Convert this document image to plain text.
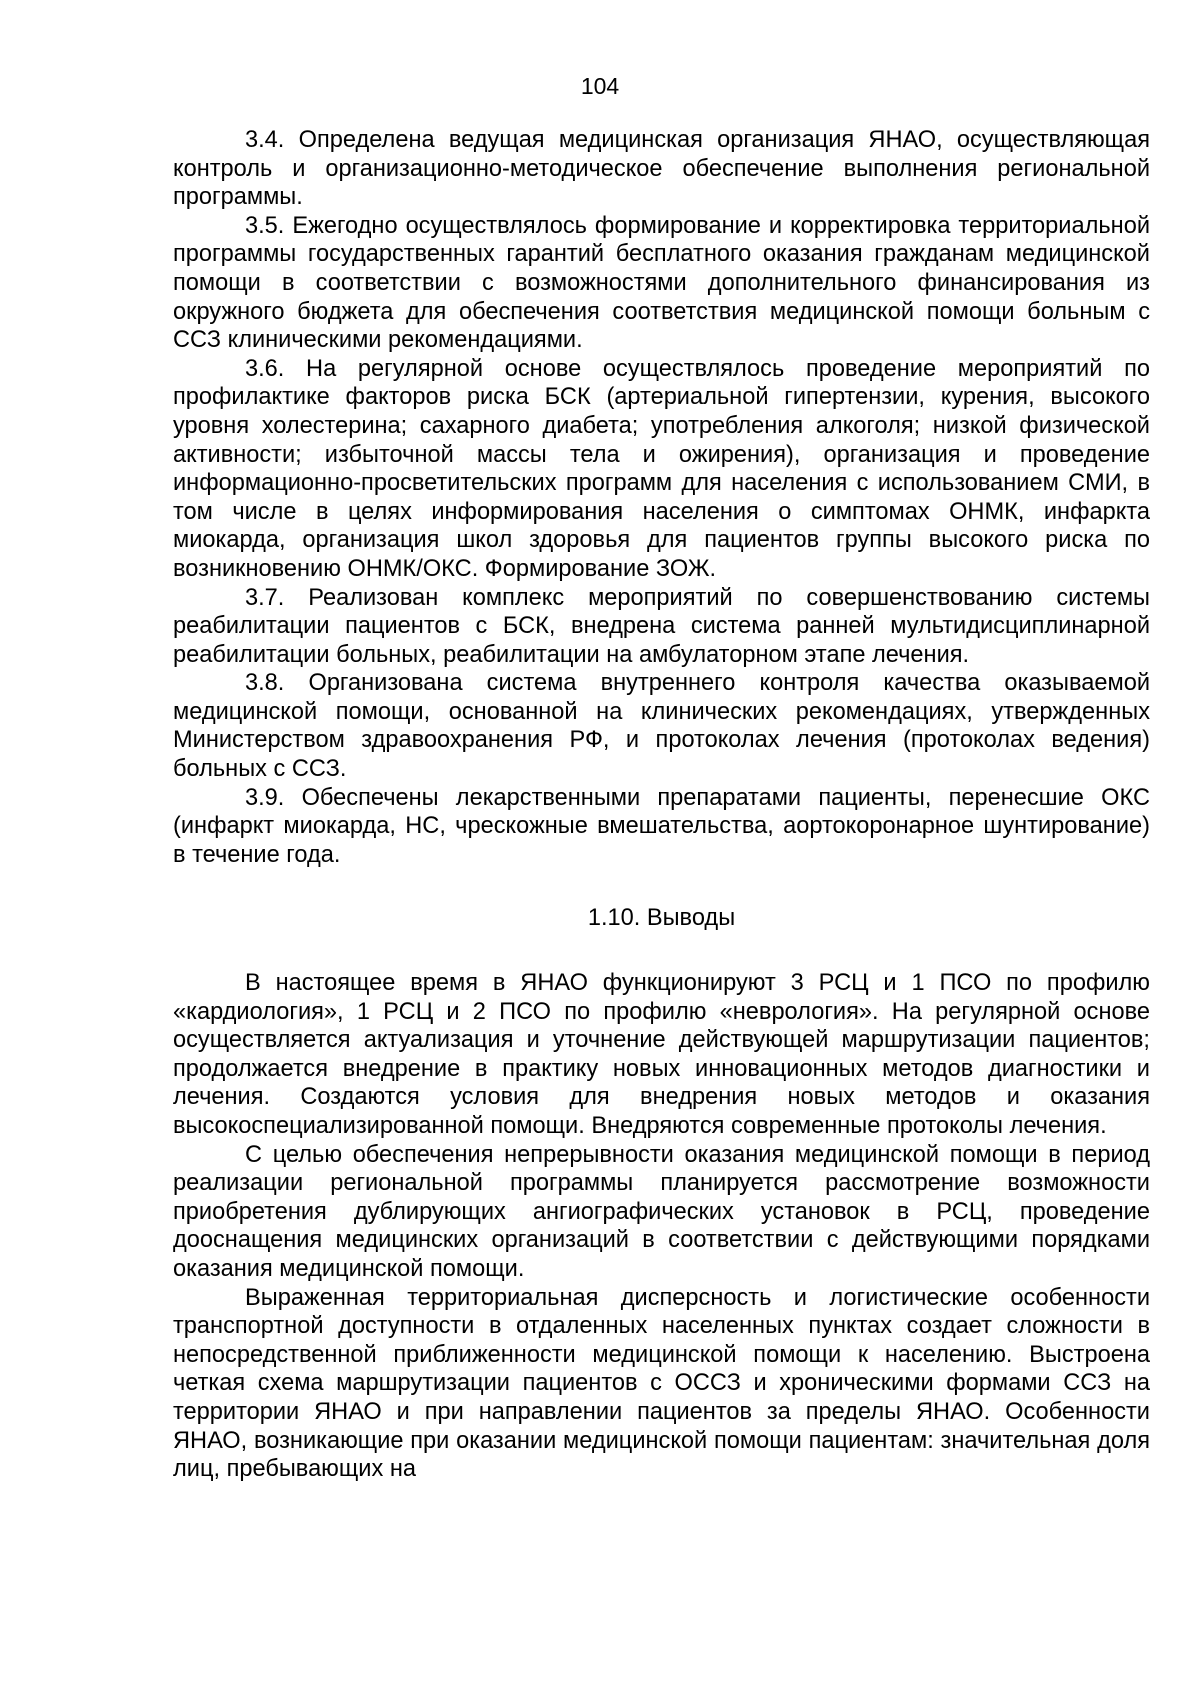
104

3.4. Определена ведущая медицинская организация ЯНАО, осуществляющая контроль и организационно-методическое обеспечение выполнения региональной программы.

3.5. Ежегодно осуществлялось формирование и корректировка территориальной программы государственных гарантий бесплатного оказания гражданам медицинской помощи в соответствии с возможностями дополнительного финансирования из окружного бюджета для обеспечения соответствия медицинской помощи больным с ССЗ клиническими рекомендациями.

3.6. На регулярной основе осуществлялось проведение мероприятий по профилактике факторов риска БСК (артериальной гипертензии, курения, высокого уровня холестерина; сахарного диабета; употребления алкоголя; низкой физической активности; избыточной массы тела и ожирения), организация и проведение информационно-просветительских программ для населения с использованием СМИ, в том числе в целях информирования населения о симптомах ОНМК, инфаркта миокарда, организация школ здоровья для пациентов группы высокого риска по возникновению ОНМК/ОКС. Формирование ЗОЖ.

3.7. Реализован комплекс мероприятий по совершенствованию системы реабилитации пациентов с БСК, внедрена система ранней мультидисциплинарной реабилитации больных, реабилитации на амбулаторном этапе лечения.

3.8. Организована система внутреннего контроля качества оказываемой медицинской помощи, основанной на клинических рекомендациях, утвержденных Министерством здравоохранения РФ, и протоколах лечения (протоколах ведения) больных с ССЗ.

3.9. Обеспечены лекарственными препаратами пациенты, перенесшие ОКС (инфаркт миокарда, НС, чрескожные вмешательства, аортокоронарное шунтирование) в течение года.

1.10. Выводы

В настоящее время в ЯНАО функционируют 3 РСЦ и 1 ПСО по профилю «кардиология», 1 РСЦ и 2 ПСО по профилю «неврология». На регулярной основе осуществляется актуализация и уточнение действующей маршрутизации пациентов; продолжается внедрение в практику новых инновационных методов диагностики и лечения. Создаются условия для внедрения новых методов и оказания высокоспециализированной помощи. Внедряются современные протоколы лечения.

С целью обеспечения непрерывности оказания медицинской помощи в период реализации региональной программы планируется рассмотрение возможности приобретения дублирующих ангиографических установок в РСЦ, проведение дооснащения медицинских организаций в соответствии с действующими порядками оказания медицинской помощи.

Выраженная территориальная дисперсность и логистические особенности транспортной доступности в отдаленных населенных пунктах создает сложности в непосредственной приближенности медицинской помощи к населению. Выстроена четкая схема маршрутизации пациентов с ОССЗ и хроническими формами ССЗ на территории ЯНАО и при направлении пациентов за пределы ЯНАО. Особенности ЯНАО, возникающие при оказании медицинской помощи пациентам: значительная доля лиц, пребывающих на
